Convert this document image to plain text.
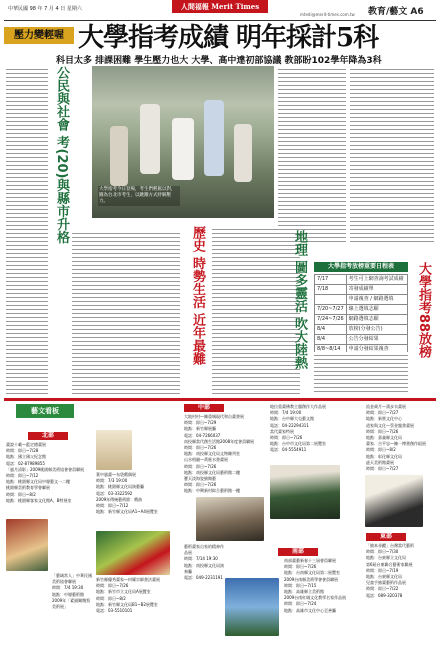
中華民國 98 年 7 月 4 日 星期六	人間福報 Merit Times
mtedi@merit-times.com.tw 教育/藝文 A6
壓力變輕喔 大學指考成績 明年採計5科
科目太多 排課困難 學生壓力也大 大學、高中達初部協議 教部盼102學年降為3科
公民與社會 考(20)與縣市升格	大學指考今日登場，考生們輕鬆以對，圖為台北市考生，以跳躍方式紓解壓力。
歷史 時勢生活 近年最難	地理 圖多靈活 吹大陸熱	大學指考放榜重要日程表
7/17	考生可上網查詢考試成績
7/18	寄發成績單
	申請複查 / 網路選填
7/20~7/27	線上選填志願
7/24~7/26	網路選填志願
8/4	放榜(分發公告)
8/4	公告分發結果
8/8~8/14	申請分發結果複查 大學指考88放榜
藝文看板
北部
中部
南部
東部
畫說十載—藍定德畫展
時間：即日~7/28
地點：國立國父紀念館
電話：02-87989855
「風月清影」2009桃園縣美術協會會員聯展
時間：即日~7/12
地點：桃園縣文化局中壢藝文一二樓
桃園縣美術教育學會聯展
時間：即日~8/2
地點：桃園縣客家文化館A、B特展室
「藝域常人」中華民國美術協會聯展
時間：7/4 19:30
地點：中壢藝術館
2009年「素描關懷寫美術展」
葉中風畫—布袋戲偶展
時間：7/3 19:00
地點：桃園縣文化局演藝廳
電話：03-3322592
2009年傳統藝術節：戲曲
時間：即日~7/12
地點：新竹縣文化局A1~A4展覽室
新竹縣優秀畫家—何耀宗師書法畫展
時間：即日~7/26
地點：新竹市立文化局A展覽室
時間：即日~8/2
地點：新竹縣文化局B1~B2展覽室
電話：03-5510101
大地村村—陳重城現代和自畫書展
時間：即日~7/29
地點：新竹縣展廳
電話：04-7266037
南投縣當代創生活館2008年度會員聯展
時間：即日~7/26
地點：南投縣文化局文物陳列室
山水相融—黃進水書畫展
時間：即日~7/26
地點：南投縣文化局藝術館二樓
寶天淡海瓷繪陶藝
時間：即日~7/26
地點：中興新村綜合藝術館一樓
藝術畫家自家的精神作品展
時間：7/14 19:30
地點：南投縣文化局演奏廳
電話：049-2231191
地拉重畫佛教主題創作大作品展
時間：7/4 19:00
地點：台中縣大屯藝文館
電話：04-22294311
當代畫家特展
時間：即日~7/26
地點：台中市文化局第二展覽室
電話：04-5554911
南部畫藝新春十三屆會員聯展
時間：即日~7/26
地點：台南縣文化局第二展覽室
2009台南縣美術學會會員聯展
時間：即日~7/15
地點：高雄縣立美術館
2009台南紅城文化教學名家作品展
時間：即日~7/24
地點：高雄市文化中心至善廳
流金歲月—蒲步衣畫展
時間：即日~7/27
地點：新營文化中心
道家與文化—蔡金龍書畫展
時間：即日~7/26
地點：嘉義縣文化局
畫家．吉平忠—陳一博書創作組展
時間：即日~8/2
地點：彰化縣文化局
遙天美術館畫展
時間：即日~7/27
「繪本尋蹤」台灣當代藝術
時間：即日~7/30
地點：台東縣立文化局
第6屆台東聯合藝術家聯展
時間：即日~7/19
地點：台東縣文化局
兒童手繪畫藝術作品展
時間：即日~7/22
電話：089-320378
